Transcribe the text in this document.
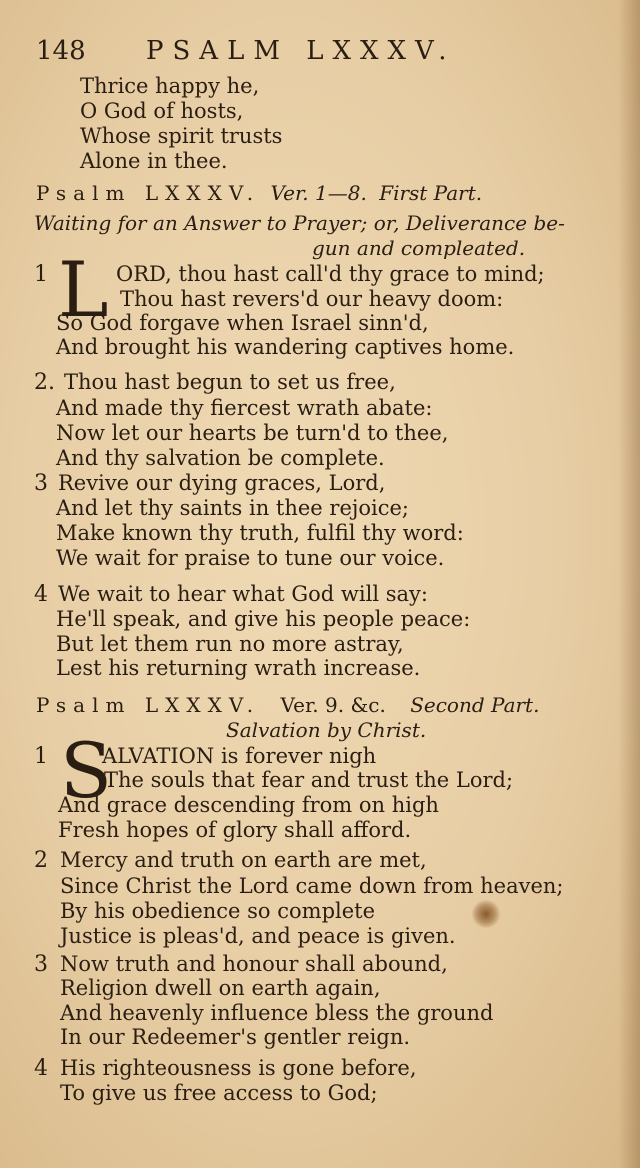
148 PSALM LXXXV.
Thrice happy he,
O God of hosts,
Whose spirit trusts
Alone in thee.
Psalm LXXXV. Ver. 1—8. First Part.
Waiting for an Answer to Prayer; or, Deliverance be-
gun and compleated.
1 L ORD, thou hast call'd thy grace to mind;
Thou hast revers'd our heavy doom:
So God forgave when Israel sinn'd,
And brought his wandering captives home.
2. Thou hast begun to set us free,
And made thy fiercest wrath abate:
Now let our hearts be turn'd to thee,
And thy salvation be complete.
3 Revive our dying graces, Lord,
And let thy saints in thee rejoice;
Make known thy truth, fulfil thy word:
We wait for praise to tune our voice.
4 We wait to hear what God will say:
He'll speak, and give his people peace:
But let them run no more astray,
Lest his returning wrath increase.
Psalm LXXXV. Ver. 9. &c. Second Part.
Salvation by Christ.
1 S
ALVATION is forever nigh
The souls that fear and trust the Lord;
And grace descending from on high
Fresh hopes of glory shall afford.
2 Mercy and truth on earth are met,
Since Christ the Lord came down from heaven;
By his obedience so complete
Justice is pleas'd, and peace is given.
3 Now truth and honour shall abound,
Religion dwell on earth again,
And heavenly influence bless the ground
In our Redeemer's gentler reign.
4 His righteousness is gone before,
To give us free access to God;
